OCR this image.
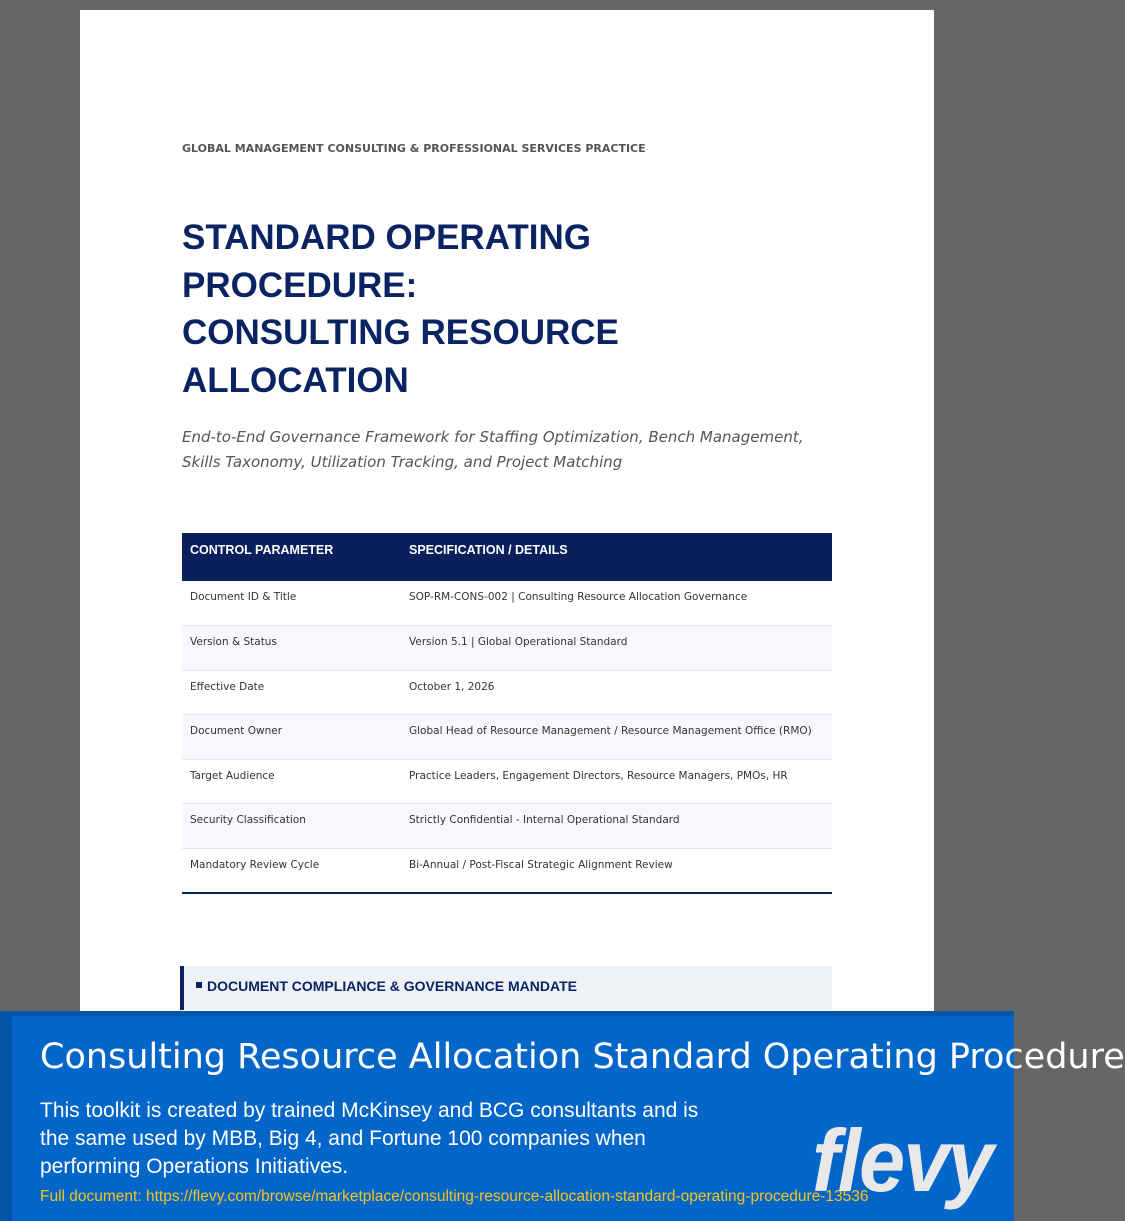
GLOBAL MANAGEMENT CONSULTING & PROFESSIONAL SERVICES PRACTICE
STANDARD OPERATING
PROCEDURE:
CONSULTING RESOURCE
ALLOCATION
End-to-End Governance Framework for Staffing Optimization, Bench Management, Skills Taxonomy, Utilization Tracking, and Project Matching
CONTROL PARAMETER	SPECIFICATION / DETAILS
Document ID & Title	SOP-RM-CONS-002 | Consulting Resource Allocation Governance
Version & Status	Version 5.1 | Global Operational Standard
Effective Date	October 1, 2026
Document Owner	Global Head of Resource Management / Resource Management Office (RMO)
Target Audience	Practice Leaders, Engagement Directors, Resource Managers, PMOs, HR
Security Classification	Strictly Confidential - Internal Operational Standard
Mandatory Review Cycle	Bi-Annual / Post-Fiscal Strategic Alignment Review
DOCUMENT COMPLIANCE & GOVERNANCE MANDATE
Consulting Resource Allocation Standard Operating Procedure
This toolkit is created by trained McKinsey and BCG consultants and is the same used by MBB, Big 4, and Fortune 100 companies when performing Operations Initiatives.
Full document: https://flevy.com/browse/marketplace/consulting-resource-allocation-standard-operating-procedure-13536
flevy
